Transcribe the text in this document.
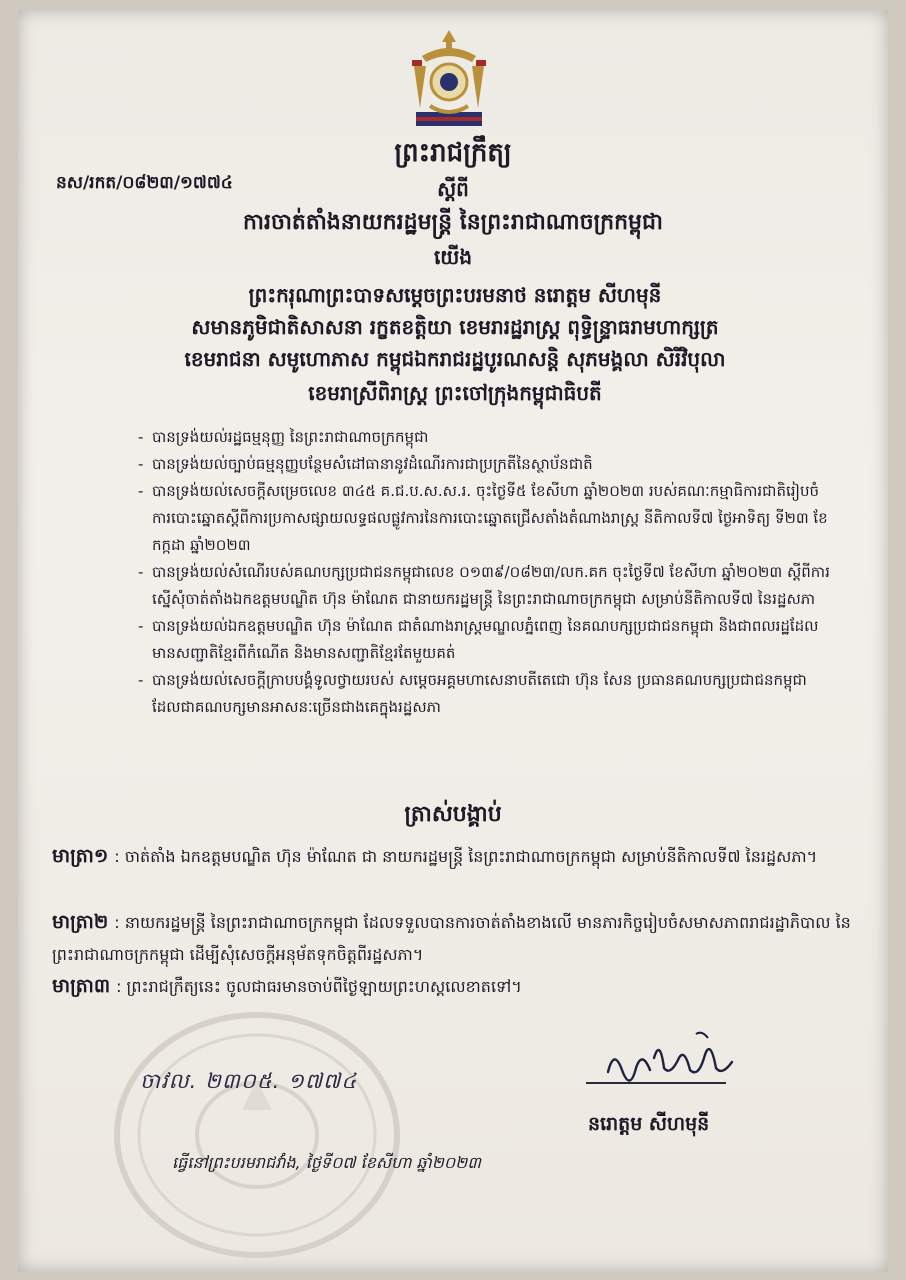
ព្រះរាជក្រឹត្យ
នស/រកត/០៨២៣/១៧៧៤	ស្តីពី
ការចាត់តាំងនាយករដ្ឋមន្ត្រី នៃព្រះរាជាណាចក្រកម្ពុជា
យើង
ព្រះករុណាព្រះបាទសម្តេចព្រះបរមនាថ នរោត្តម សីហមុនី
សមានភូមិជាតិសាសនា រក្ខតខត្តិយា ខេមរារដ្ឋរាស្ត្រ ពុទ្ធិន្ទ្រាធរាមហាក្សត្រ
ខេមរាជនា សមូហោភាស កម្ពុជឯករាជរដ្ឋបូរណសន្តិ សុភមង្គលា សិរីវិបុលា
ខេមរាស្រីពិរាស្ត្រ ព្រះចៅក្រុងកម្ពុជាធិបតី
- បានទ្រង់យល់រដ្ឋធម្មនុញ្ញ នៃព្រះរាជាណាចក្រកម្ពុជា
- បានទ្រង់យល់ច្បាប់ធម្មនុញ្ញបន្ថែមសំដៅធានានូវដំណើរការជាប្រក្រតីនៃស្ថាប័នជាតិ
- បានទ្រង់យល់សេចក្តីសម្រេចលេខ ៣៤៥ គ.ជ.ប.ស.ស.រ. ចុះថ្ងៃទី៥ ខែសីហា ឆ្នាំ២០២៣ របស់គណៈកម្មាធិការជាតិរៀបចំការបោះឆ្នោតស្តីពីការប្រកាសផ្សាយលទ្ធផលផ្លូវការនៃការបោះឆ្នោតជ្រើសតាំងតំណាងរាស្ត្រ នីតិកាលទី៧ ថ្ងៃអាទិត្យ ទី២៣ ខែកក្កដា ឆ្នាំ២០២៣
- បានទ្រង់យល់សំណើរបស់គណបក្សប្រជាជនកម្ពុជាលេខ ០១៣៩/០៨២៣/លក.គក ចុះថ្ងៃទី៧ ខែសីហា ឆ្នាំ២០២៣ ស្តីពីការស្នើសុំចាត់តាំងឯកឧត្តមបណ្ឌិត ហ៊ុន ម៉ាណែត ជានាយករដ្ឋមន្ត្រី នៃព្រះរាជាណាចក្រកម្ពុជា សម្រាប់នីតិកាលទី៧ នៃរដ្ឋសភា
- បានទ្រង់យល់ឯកឧត្តមបណ្ឌិត ហ៊ុន ម៉ាណែត ជាតំណាងរាស្ត្រមណ្ឌលភ្នំពេញ នៃគណបក្សប្រជាជនកម្ពុជា និងជាពលរដ្ឋដែលមានសញ្ជាតិខ្មែរពីកំណើត និងមានសញ្ជាតិខ្មែរតែមួយគត់
- បានទ្រង់យល់សេចក្តីក្រាបបង្គំទូលថ្វាយរបស់ សម្តេចអគ្គមហាសេនាបតីតេជោ ហ៊ុន សែន ប្រធានគណបក្សប្រជាជនកម្ពុជា ដែលជាគណបក្សមានអាសនៈច្រើនជាងគេក្នុងរដ្ឋសភា
ត្រាស់បង្គាប់
មាត្រា១ : ចាត់តាំង ឯកឧត្តមបណ្ឌិត ហ៊ុន ម៉ាណែត ជា នាយករដ្ឋមន្ត្រី នៃព្រះរាជាណាចក្រកម្ពុជា សម្រាប់នីតិកាលទី៧ នៃរដ្ឋសភា។
មាត្រា២ : នាយករដ្ឋមន្ត្រី នៃព្រះរាជាណាចក្រកម្ពុជា ដែលទទួលបានការចាត់តាំងខាងលើ មានភារកិច្ចរៀបចំសមាសភាពរាជរដ្ឋាភិបាល នៃព្រះរាជាណាចក្រកម្ពុជា ដើម្បីសុំសេចក្តីអនុម័តទុកចិត្តពីរដ្ឋសភា។
មាត្រា៣ : ព្រះរាជក្រឹត្យនេះ ចូលជាធរមានចាប់ពីថ្ងៃឡាយព្រះហស្តលេខាតទៅ។
ចាវល. ២៣០៥. ១៧៧៤
នរោត្តម សីហមុនី
ធ្វើនៅព្រះបរមរាជវាំង, ថ្ងៃទី០៧ ខែសីហា ឆ្នាំ២០២៣
